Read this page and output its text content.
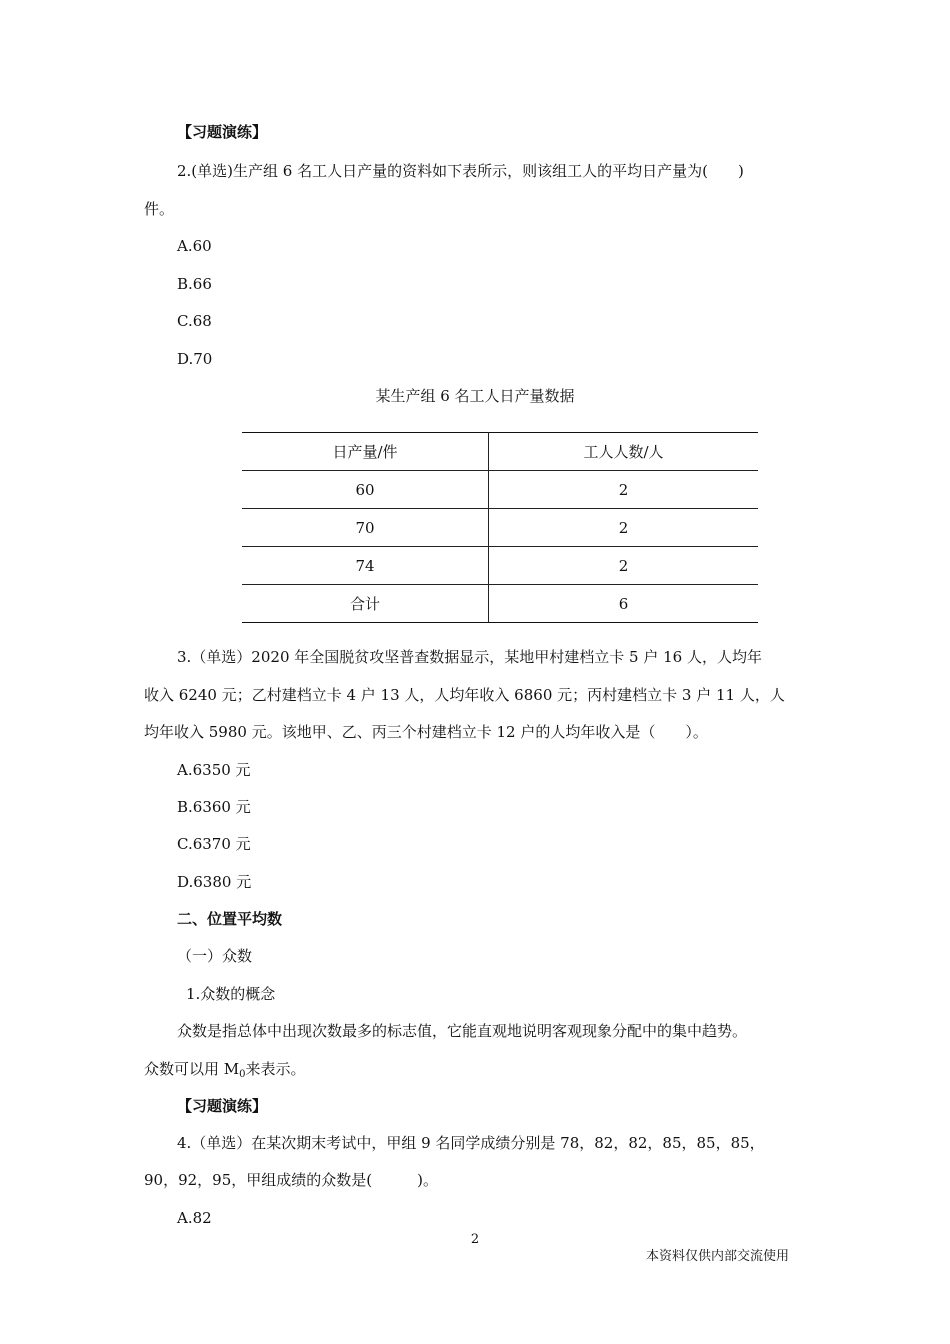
【习题演练】
2.(单选)生产组 6 名工人日产量的资料如下表所示，则该组工人的平均日产量为(　　)
件。
A.60
B.66
C.68
D.70
某生产组 6 名工人日产量数据
日产量/件	工人人数/人
60	2
70	2
74	2
合计	6
3.（单选）2020 年全国脱贫攻坚普查数据显示，某地甲村建档立卡 5 户 16 人，人均年
收入 6240 元；乙村建档立卡 4 户 13 人，人均年收入 6860 元；丙村建档立卡 3 户 11 人，人
均年收入 5980 元。该地甲、乙、丙三个村建档立卡 12 户的人均年收入是（　　）。
A.6350 元
B.6360 元
C.6370 元
D.6380 元
二、位置平均数
（一）众数
1.众数的概念
众数是指总体中出现次数最多的标志值，它能直观地说明客观现象分配中的集中趋势。
众数可以用 $M_0$来表示。
【习题演练】
4.（单选）在某次期末考试中，甲组 9 名同学成绩分别是 78，82，82，85，85，85，
90，92，95，甲组成绩的众数是(　　　)。
A.82
2
本资料仅供内部交流使用
